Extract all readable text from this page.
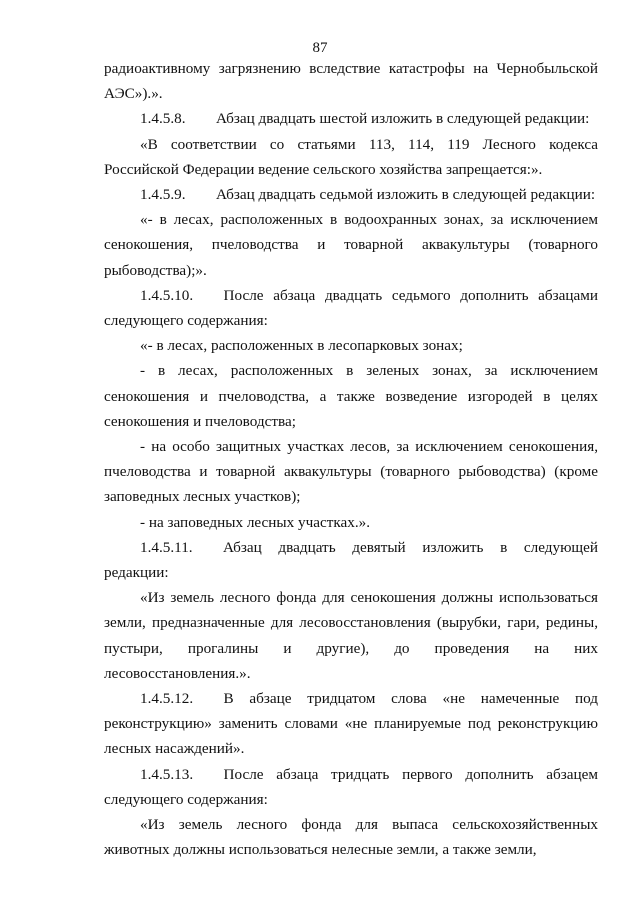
87

радиоактивному загрязнению вследствие катастрофы на Чернобыльской АЭС»).».

1.4.5.8.  Абзац двадцать шестой изложить в следующей редакции:

«В соответствии со статьями 113, 114, 119 Лесного кодекса Российской Федерации ведение сельского хозяйства запрещается:».

1.4.5.9.  Абзац двадцать седьмой изложить в следующей редакции:

«- в лесах, расположенных в водоохранных зонах, за исключением сенокошения, пчеловодства и товарной аквакультуры (товарного рыбоводства);».

1.4.5.10.  После абзаца двадцать седьмого дополнить абзацами следующего содержания:

«- в лесах, расположенных в лесопарковых зонах;

- в лесах, расположенных в зеленых зонах, за исключением сенокошения и пчеловодства, а также возведение изгородей в целях сенокошения и пчеловодства;

- на особо защитных участках лесов, за исключением сенокошения, пчеловодства и товарной аквакультуры (товарного рыбоводства) (кроме заповедных лесных участков);

- на заповедных лесных участках.».

1.4.5.11.  Абзац двадцать девятый изложить в следующей редакции:

«Из земель лесного фонда для сенокошения должны использоваться земли, предназначенные для лесовосстановления (вырубки, гари, редины, пустыри, прогалины и другие), до проведения на них лесовосстановления.».

1.4.5.12.  В абзаце тридцатом слова «не намеченные под реконструкцию» заменить словами «не планируемые под реконструкцию лесных насаждений».

1.4.5.13.  После абзаца тридцать первого дополнить абзацем следующего содержания:

«Из земель лесного фонда для выпаса сельскохозяйственных животных должны использоваться нелесные земли, а также земли,
